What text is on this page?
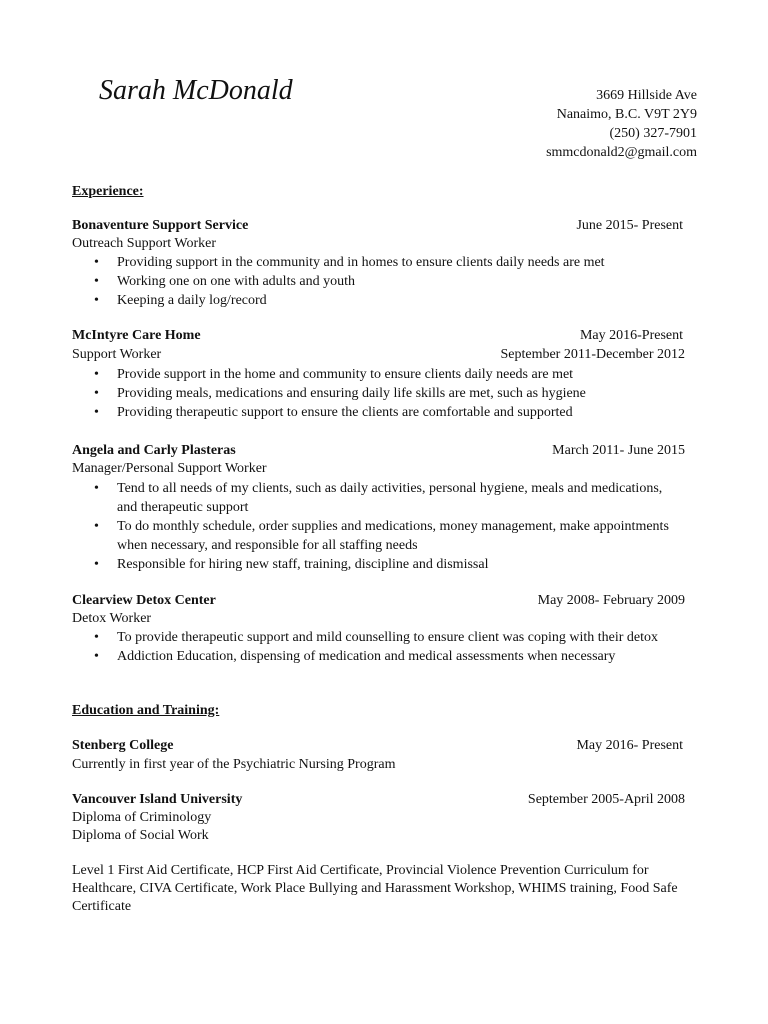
Sarah McDonald	3669 Hillside Ave
Nanaimo, B.C. V9T 2Y9
(250) 327-7901
smmcdonald2@gmail.com
Experience:
Bonaventure Support Service	June 2015- Present
Outreach Support Worker
• Providing support in the community and in homes to ensure clients daily needs are met
• Working one on one with adults and youth
• Keeping a daily log/record
McIntyre Care Home	May 2016-Present
Support Worker	September 2011-December 2012
• Provide support in the home and community to ensure clients daily needs are met
• Providing meals, medications and ensuring daily life skills are met, such as hygiene
• Providing therapeutic support to ensure the clients are comfortable and supported
Angela and Carly Plasteras	March 2011- June 2015
Manager/Personal Support Worker
• Tend to all needs of my clients, such as daily activities, personal hygiene, meals and medications, and therapeutic support
• To do monthly schedule, order supplies and medications, money management, make appointments when necessary, and responsible for all staffing needs
• Responsible for hiring new staff, training, discipline and dismissal
Clearview Detox Center	May 2008- February 2009
Detox Worker
• To provide therapeutic support and mild counselling to ensure client was coping with their detox
• Addiction Education, dispensing of medication and medical assessments when necessary
Education and Training:
Stenberg College	May 2016- Present
Currently in first year of the Psychiatric Nursing Program
Vancouver Island University	September 2005-April 2008
Diploma of Criminology
Diploma of Social Work
Level 1 First Aid Certificate, HCP First Aid Certificate, Provincial Violence Prevention Curriculum for Healthcare, CIVA Certificate, Work Place Bullying and Harassment Workshop, WHIMS training, Food Safe Certificate
